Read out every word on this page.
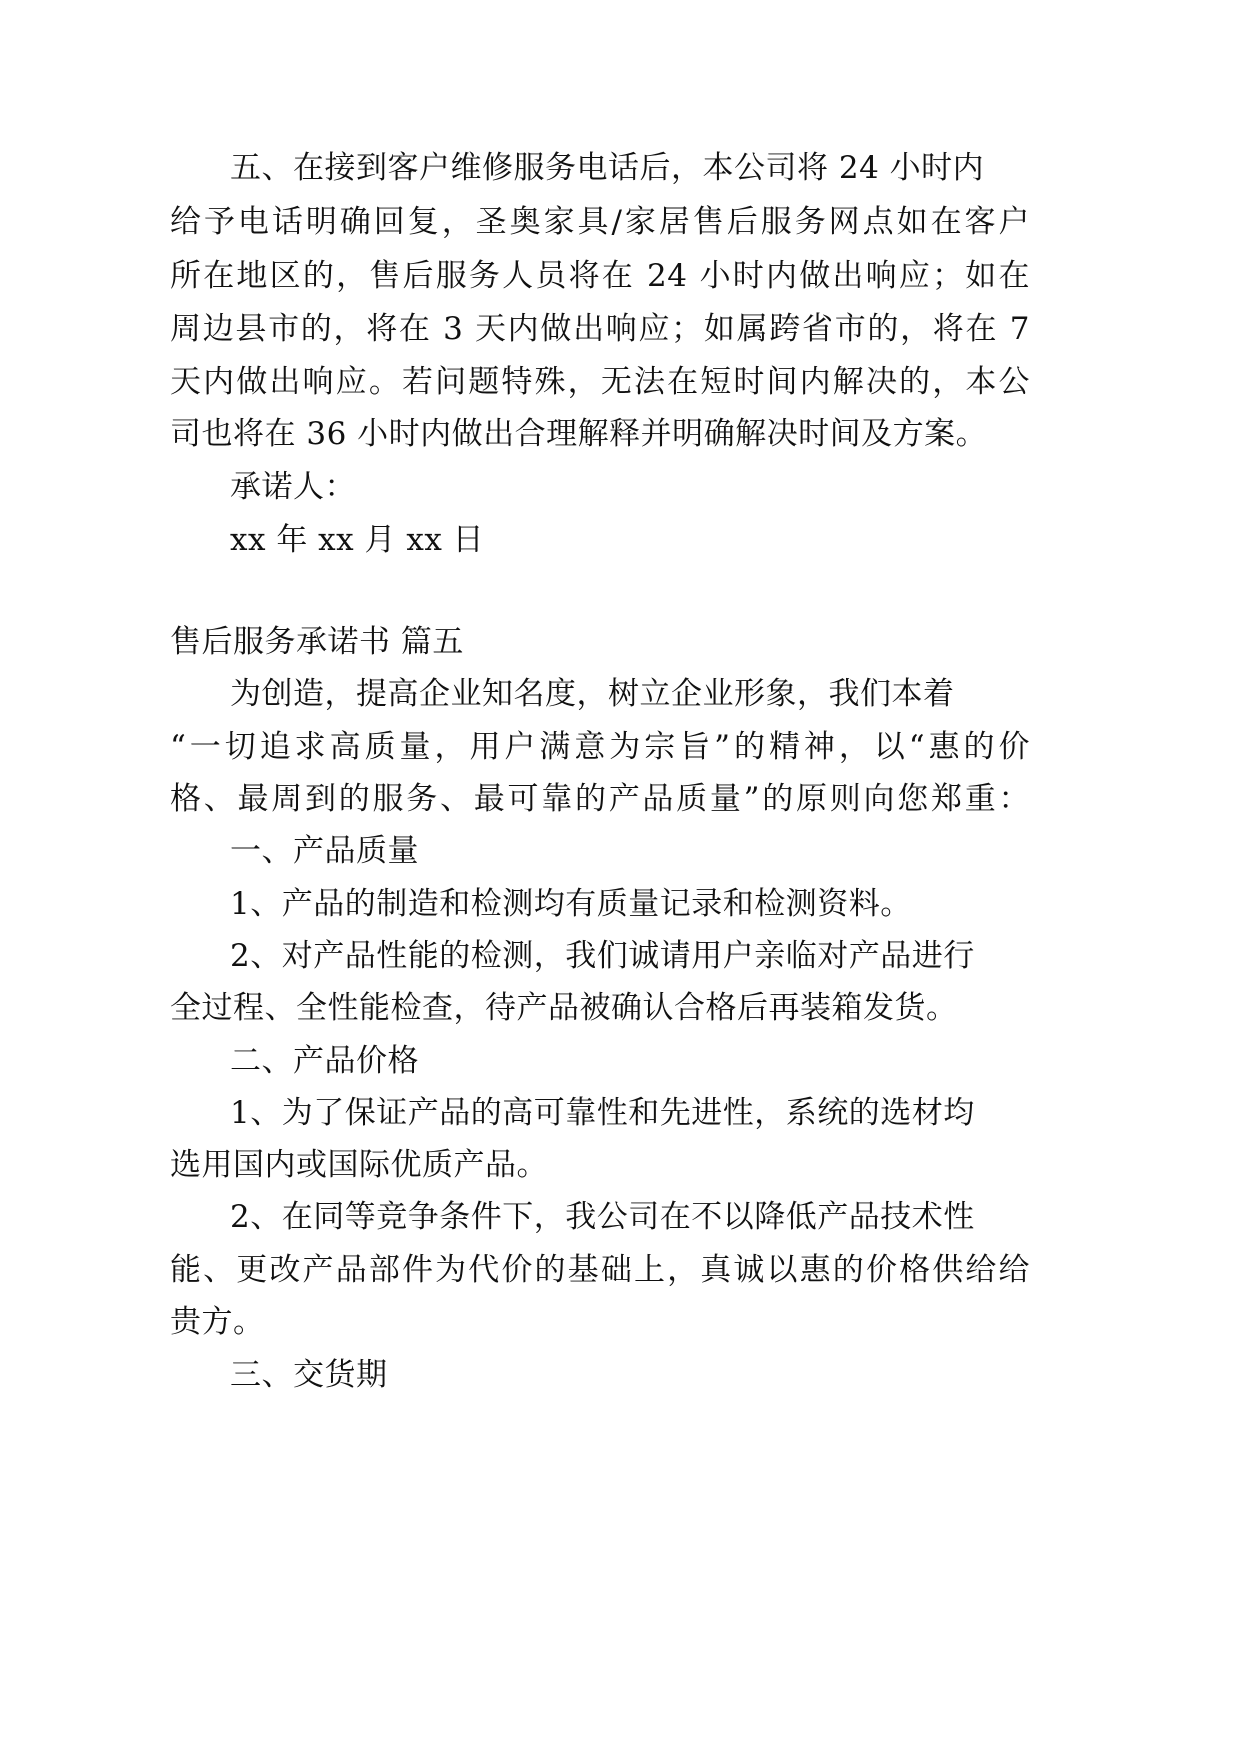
五、在接到客户维修服务电话后，本公司将 24 小时内

给予电话明确回复，圣奥家具/家居售后服务网点如在客户

所在地区的，售后服务人员将在 24 小时内做出响应；如在

周边县市的，将在 3 天内做出响应；如属跨省市的，将在 7

天内做出响应。若问题特殊，无法在短时间内解决的，本公

司也将在 36 小时内做出合理解释并明确解决时间及方案。

承诺人：

xx 年 xx 月 xx 日

售后服务承诺书 篇五

为创造，提高企业知名度，树立企业形象，我们本着

“一切追求高质量，用户满意为宗旨”的精神，以“惠的价

格、最周到的服务、最可靠的产品质量”的原则向您郑重：

一、产品质量

1、产品的制造和检测均有质量记录和检测资料。

2、对产品性能的检测，我们诚请用户亲临对产品进行

全过程、全性能检查，待产品被确认合格后再装箱发货。

二、产品价格

1、为了保证产品的高可靠性和先进性，系统的选材均

选用国内或国际优质产品。

2、在同等竞争条件下，我公司在不以降低产品技术性

能、更改产品部件为代价的基础上，真诚以惠的价格供给给

贵方。

三、交货期
